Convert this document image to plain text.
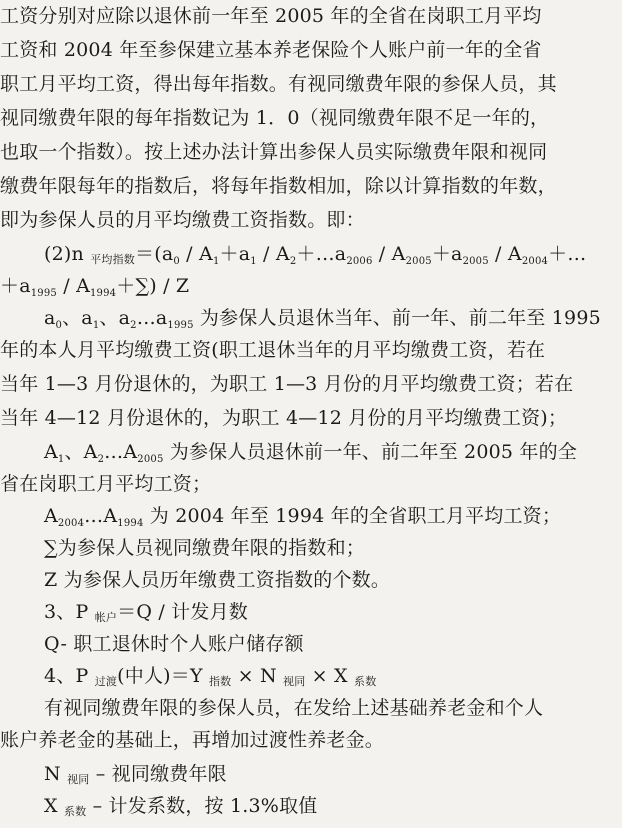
工资分别对应除以退休前一年至 2005 年的全省在岗职工月平均
工资和 2004 年至参保建立基本养老保险个人账户前一年的全省
职工月平均工资，得出每年指数。有视同缴费年限的参保人员，其
视同缴费年限的每年指数记为 1．0（视同缴费年限不足一年的，
也取一个指数）。按上述办法计算出参保人员实际缴费年限和视同
缴费年限每年的指数后，将每年指数相加，除以计算指数的年数，
即为参保人员的月平均缴费工资指数。即：
(2)n 平均指数$=(a_0 / A_1+a_1$ / $A_2+\dots a_{2006} / A_{2005}+a_{2005}$ / $A_{2004}+\dots$
$+a_{1995} / A_{1994}+\sum) / Z$
$a_0$、$a_1$、$a_2\dots a_{1995}$ 为参保人员退休当年、前一年、前二年至 1995
年的本人月平均缴费工资(职工退休当年的月平均缴费工资，若在
当年 1—3 月份退休的，为职工 1—3 月份的月平均缴费工资；若在
当年 4—12 月份退休的，为职工 4—12 月份的月平均缴费工资)；
$A_1$、$A_2\dots A_{2005}$ 为参保人员退休前一年、前二年至 2005 年的全
省在岗职工月平均工资；
$A_{2004}\dots A_{1994}$ 为 2004 年至 1994 年的全省职工月平均工资；
∑为参保人员视同缴费年限的指数和；
Z 为参保人员历年缴费工资指数的个数。
3、P 帐户＝Q / 计发月数
Q- 职工退休时个人账户储存额
4、P 过渡(中人)＝Y 指数 × N 视同 × X 系数
有视同缴费年限的参保人员，在发给上述基础养老金和个人
账户养老金的基础上，再增加过渡性养老金。
N 视同 – 视同缴费年限
X 系数 – 计发系数，按 1.3%取值
